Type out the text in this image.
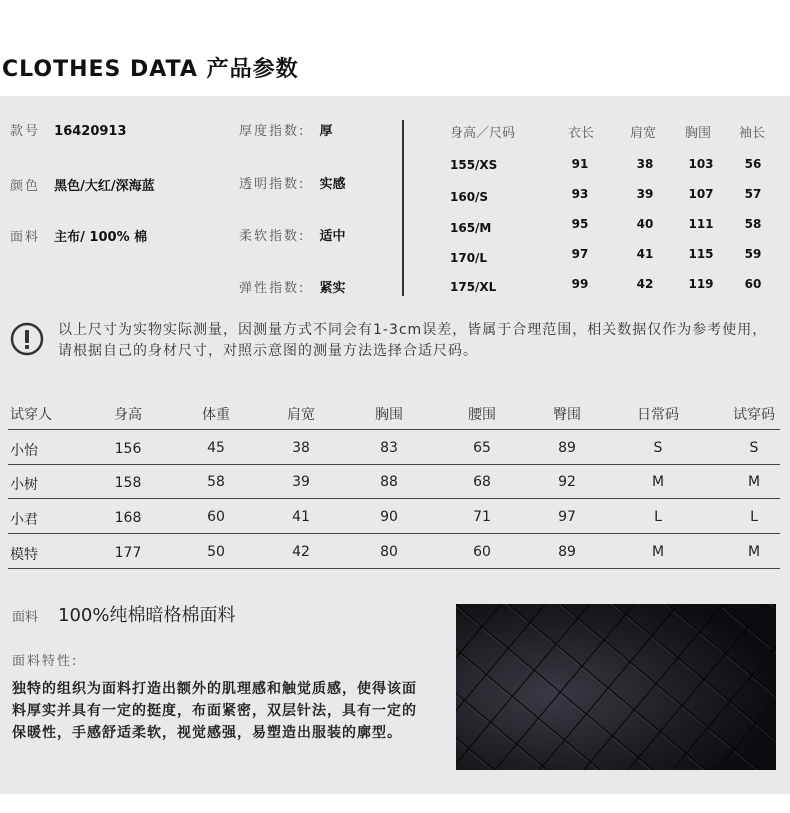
CLOTHES DATA 产品参数
款号 16420913
颜色 黑色/大红/深海蓝
面料 主布/ 100% 棉
厚度指数: 厚
透明指数: 实感
柔软指数: 适中
弹性指数: 紧实
身高／尺码	衣长	肩宽 胸围 袖长
155/XS	91	38	103	56
160/S	93	39	107	57
165/M	95	40	111	58
170/L	97	41	115	59
175/XL	99	42	119	60
以上尺寸为实物实际测量，因测量方式不同会有1-3cm误差，皆属于合理范围，相关数据仅作为参考使用，请根据自己的身材尺寸，对照示意图的测量方法选择合适尺码。
试穿人	身高	体重	肩宽	胸围	腰围	臀围	日常码	试穿码
小怡	156	45	38	83	65	89	S	S
小树	158	58	39	88	68	92	M	M
小君	168	60	41	90	71	97	L	L
模特	177	50	42	80	60	89	M	M
面料 100%纯棉暗格棉面料
面料特性:
独特的组织为面料打造出额外的肌理感和触觉质感，使得该面料厚实并具有一定的挺度，布面紧密，双层针法，具有一定的保暖性，手感舒适柔软，视觉感强，易塑造出服装的廓型。
